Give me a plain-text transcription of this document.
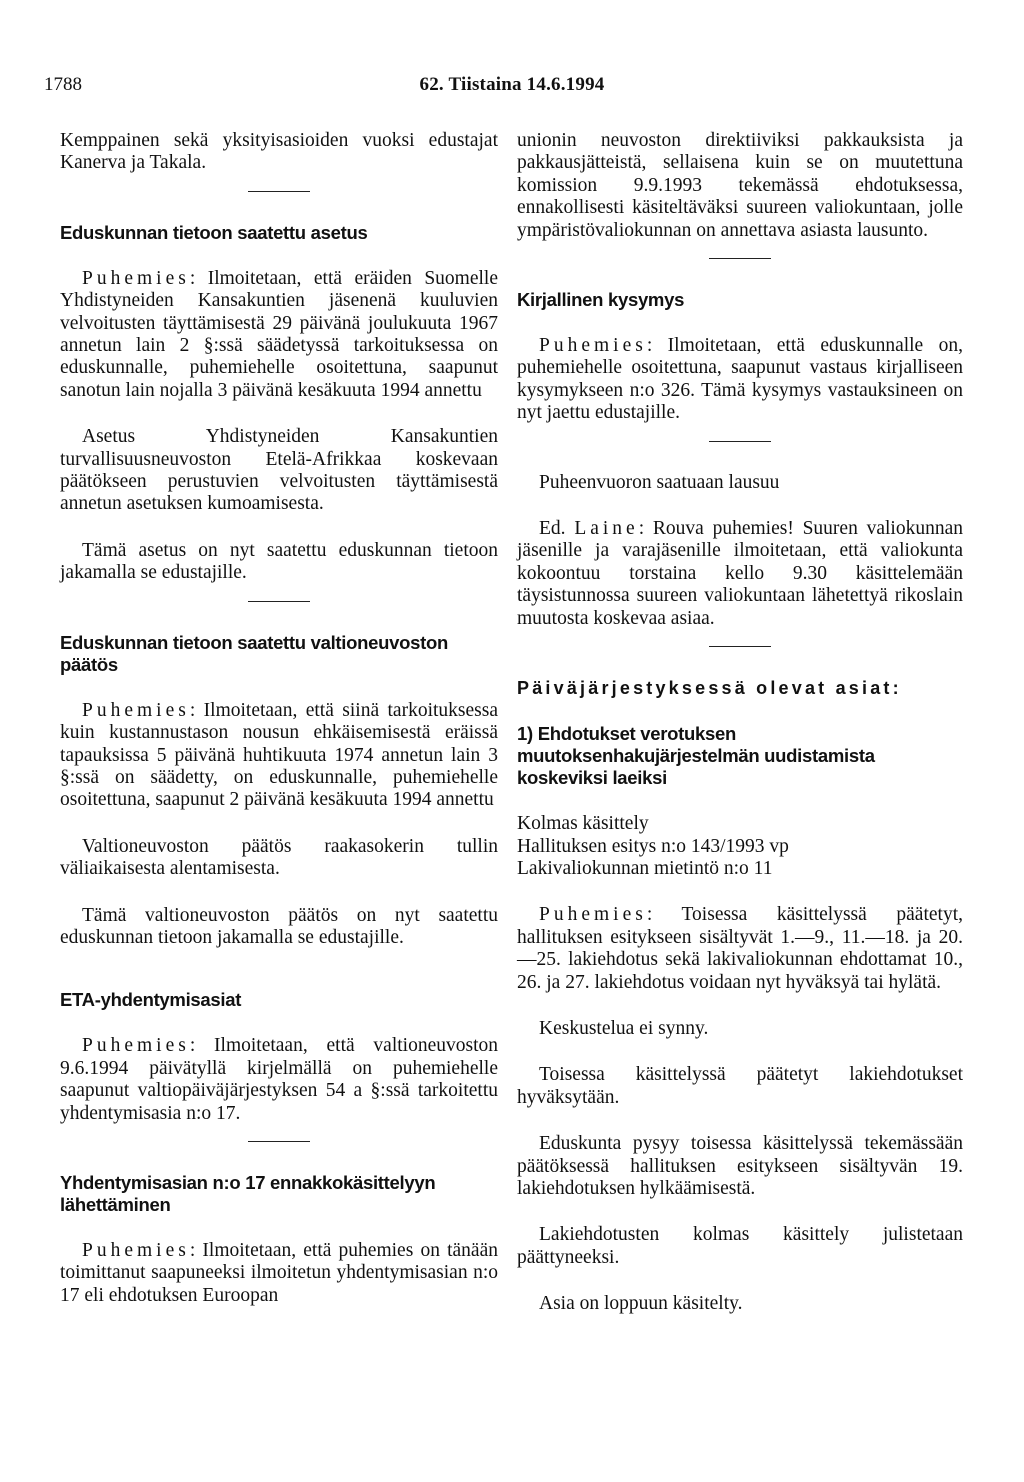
1788	62. Tiistaina 14.6.1994

Kemppainen sekä yksityisasioiden vuoksi edustajat Kanerva ja Takala.

Eduskunnan tietoon saatettu asetus

Puhemies: Ilmoitetaan, että eräiden Suomelle Yhdistyneiden Kansakuntien jäsenenä kuuluvien velvoitusten täyttämisestä 29 päivänä joulukuuta 1967 annetun lain 2 §:ssä säädetyssä tarkoituksessa on eduskunnalle, puhemiehelle osoitettuna, saapunut sanotun lain nojalla 3 päivänä kesäkuuta 1994 annettu

Asetus Yhdistyneiden Kansakuntien turvallisuusneuvoston Etelä-Afrikkaa koskevaan päätökseen perustuvien velvoitusten täyttämisestä annetun asetuksen kumoamisesta.

Tämä asetus on nyt saatettu eduskunnan tietoon jakamalla se edustajille.

Eduskunnan tietoon saatettu valtioneuvoston päätös

Puhemies: Ilmoitetaan, että siinä tarkoituksessa kuin kustannustason nousun ehkäisemisestä eräissä tapauksissa 5 päivänä huhtikuuta 1974 annetun lain 3 §:ssä on säädetty, on eduskunnalle, puhemiehelle osoitettuna, saapunut 2 päivänä kesäkuuta 1994 annettu

Valtioneuvoston päätös raakasokerin tullin väliaikaisesta alentamisesta.

Tämä valtioneuvoston päätös on nyt saatettu eduskunnan tietoon jakamalla se edustajille.

ETA-yhdentymisasiat

Puhemies: Ilmoitetaan, että valtioneuvoston 9.6.1994 päivätyllä kirjelmällä on puhemiehelle saapunut valtiopäiväjärjestyksen 54 a §:ssä tarkoitettu yhdentymisasia n:o 17.

Yhdentymisasian n:o 17 ennakkokäsittelyyn lähettäminen

Puhemies: Ilmoitetaan, että puhemies on tänään toimittanut saapuneeksi ilmoitetun yhdentymisasian n:o 17 eli ehdotuksen Euroopan

unionin neuvoston direktiiviksi pakkauksista ja pakkausjätteistä, sellaisena kuin se on muutettuna komission 9.9.1993 tekemässä ehdotuksessa, ennakollisesti käsiteltäväksi suureen valiokuntaan, jolle ympäristövaliokunnan on annettava asiasta lausunto.

Kirjallinen kysymys

Puhemies: Ilmoitetaan, että eduskunnalle on, puhemiehelle osoitettuna, saapunut vastaus kirjalliseen kysymykseen n:o 326. Tämä kysymys vastauksineen on nyt jaettu edustajille.

Puheenvuoron saatuaan lausuu

Ed. Laine: Rouva puhemies! Suuren valiokunnan jäsenille ja varajäsenille ilmoitetaan, että valiokunta kokoontuu torstaina kello 9.30 käsittelemään täysistunnossa suureen valiokuntaan lähetettyä rikoslain muutosta koskevaa asiaa.

Päiväjärjestyksessä olevat asiat:
1) Ehdotukset verotuksen muutoksenhakujärjestelmän uudistamista koskeviksi laeiksi
Kolmas käsittely
Hallituksen esitys n:o 143/1993 vp
Lakivaliokunnan mietintö n:o 11

Puhemies: Toisessa käsittelyssä päätetyt, hallituksen esitykseen sisältyvät 1.—9., 11.—18. ja 20.—25. lakiehdotus sekä lakivaliokunnan ehdottamat 10., 26. ja 27. lakiehdotus voidaan nyt hyväksyä tai hylätä.

Keskustelua ei synny.

Toisessa käsittelyssä päätetyt lakiehdotukset hyväksytään.

Eduskunta pysyy toisessa käsittelyssä tekemässään päätöksessä hallituksen esitykseen sisältyvän 19. lakiehdotuksen hylkäämisestä.

Lakiehdotusten kolmas käsittely julistetaan päättyneeksi.

Asia on loppuun käsitelty.
